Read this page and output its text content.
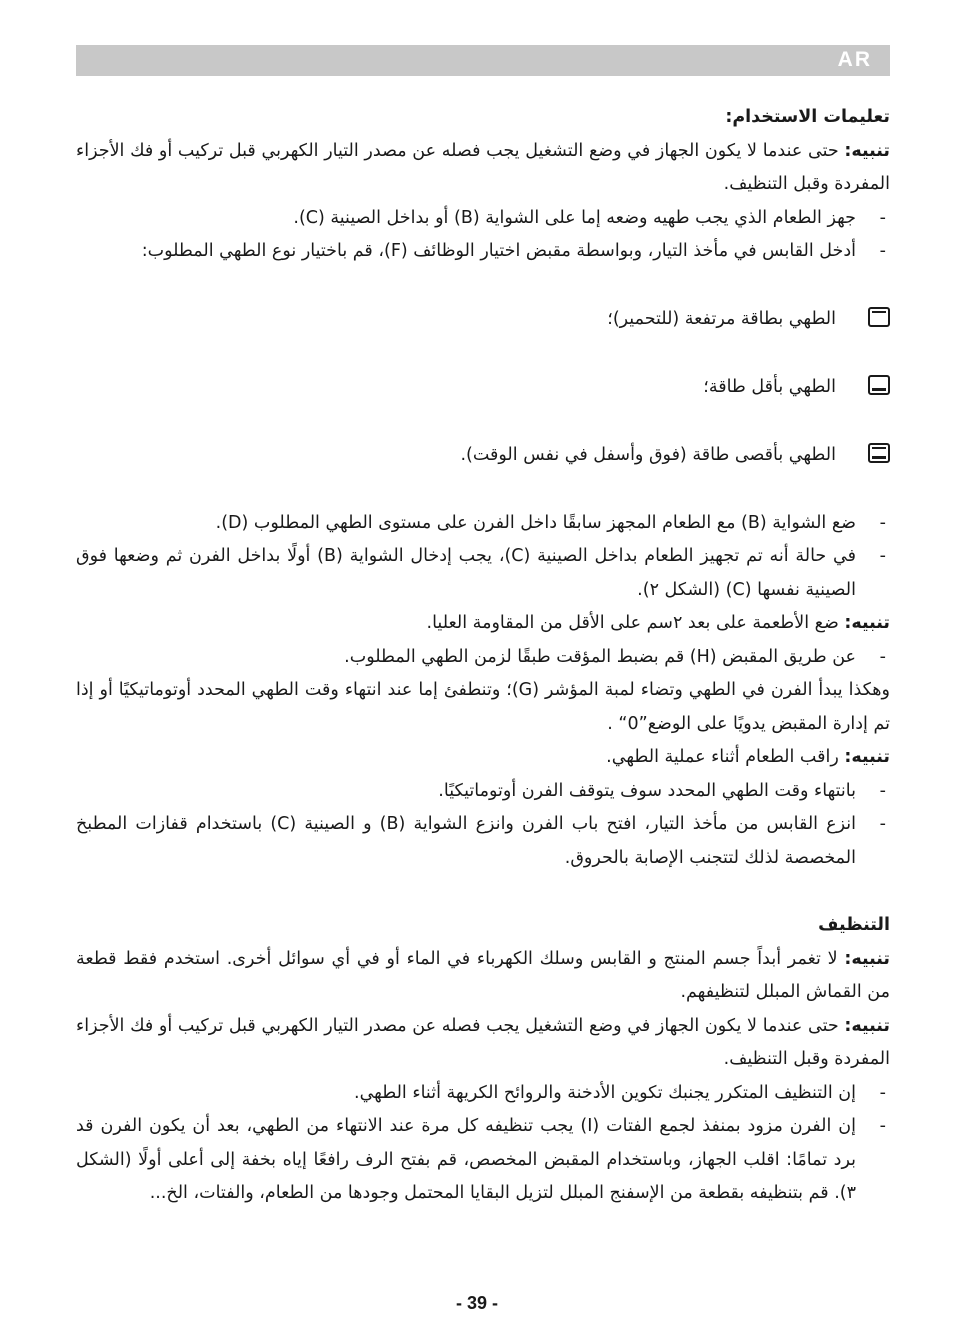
AR

تعليمات الاستخدام:

تنبيه: حتى عندما لا يكون الجهاز في وضع التشغيل يجب فصله عن مصدر التيار الكهربي قبل تركيب أو فك الأجزاء المفردة وقبل التنظيف.

-
جهز الطعام الذي يجب طهيه وضعه إما على الشواية (B) أو بداخل الصينية (C).

-
أدخل القابس في مأخذ التيار، وبواسطة مقبض اختيار الوظائف (F)، قم باختيار نوع الطهي المطلوب:

الطهي بطاقة مرتفعة (للتحمير)؛
الطهي بأقل طاقة؛
الطهي بأقصى طاقة (فوق وأسفل في نفس الوقت).

-
ضع الشواية (B) مع الطعام المجهز سابقًا داخل الفرن على مستوى الطهي المطلوب (D).

-
في حالة أنه تم تجهيز الطعام بداخل الصينية (C)، يجب إدخال الشواية (B) أولًا بداخل الفرن ثم وضعها فوق الصينية نفسها (C) (الشكل ٢).

تنبيه: ضع الأطعمة على بعد ٢سم على الأقل من المقاومة العليا.

-
عن طريق المقبض (H) قم بضبط المؤقت طبقًا لزمن الطهي المطلوب.

وهكذا يبدأ الفرن في الطهي وتضاء لمبة المؤشر (G)؛ وتنطفئ إما عند انتهاء وقت الطهي المحدد أوتوماتيكيًا أو إذا تم إدارة المقبض يدويًا على الوضع”0“ .

تنبيه: راقب الطعام أثناء عملية الطهي.

-
بانتهاء وقت الطهي المحدد سوف يتوقف الفرن أوتوماتيكيًا.

-
انزع القابس من مأخذ التيار، افتح باب الفرن وانزع الشواية (B) و الصينية (C) باستخدام قفازات المطبخ المخصصة لذلك لتتجنب الإصابة بالحروق.

التنظيف

تنبيه: لا تغمر أبداً جسم المنتج و القابس وسلك الكهرباء في الماء أو في أي سوائل أخرى. استخدم فقط قطعة من القماش المبلل لتنظيفهم.

تنبيه: حتى عندما لا يكون الجهاز في وضع التشغيل يجب فصله عن مصدر التيار الكهربي قبل تركيب أو فك الأجزاء المفردة وقبل التنظيف.

-
إن التنظيف المتكرر يجنبك تكوين الأدخنة والروائح الكريهة أثناء الطهي.

-
إن الفرن مزود بمنفذ لجمع الفتات (I) يجب تنظيفه كل مرة عند الانتهاء من الطهي، بعد أن يكون الفرن قد برد تمامًا: اقلب الجهاز، وباستخدام المقبض المخصص، قم بفتح الرف رافعًا إياه بخفة إلى أعلى أولًا (الشكل ٣). قم بتنظيفه بقطعة من الإسفنج المبلل لتزيل البقايا المحتمل وجودها من الطعام، والفتات، الخ...

- 39 -
